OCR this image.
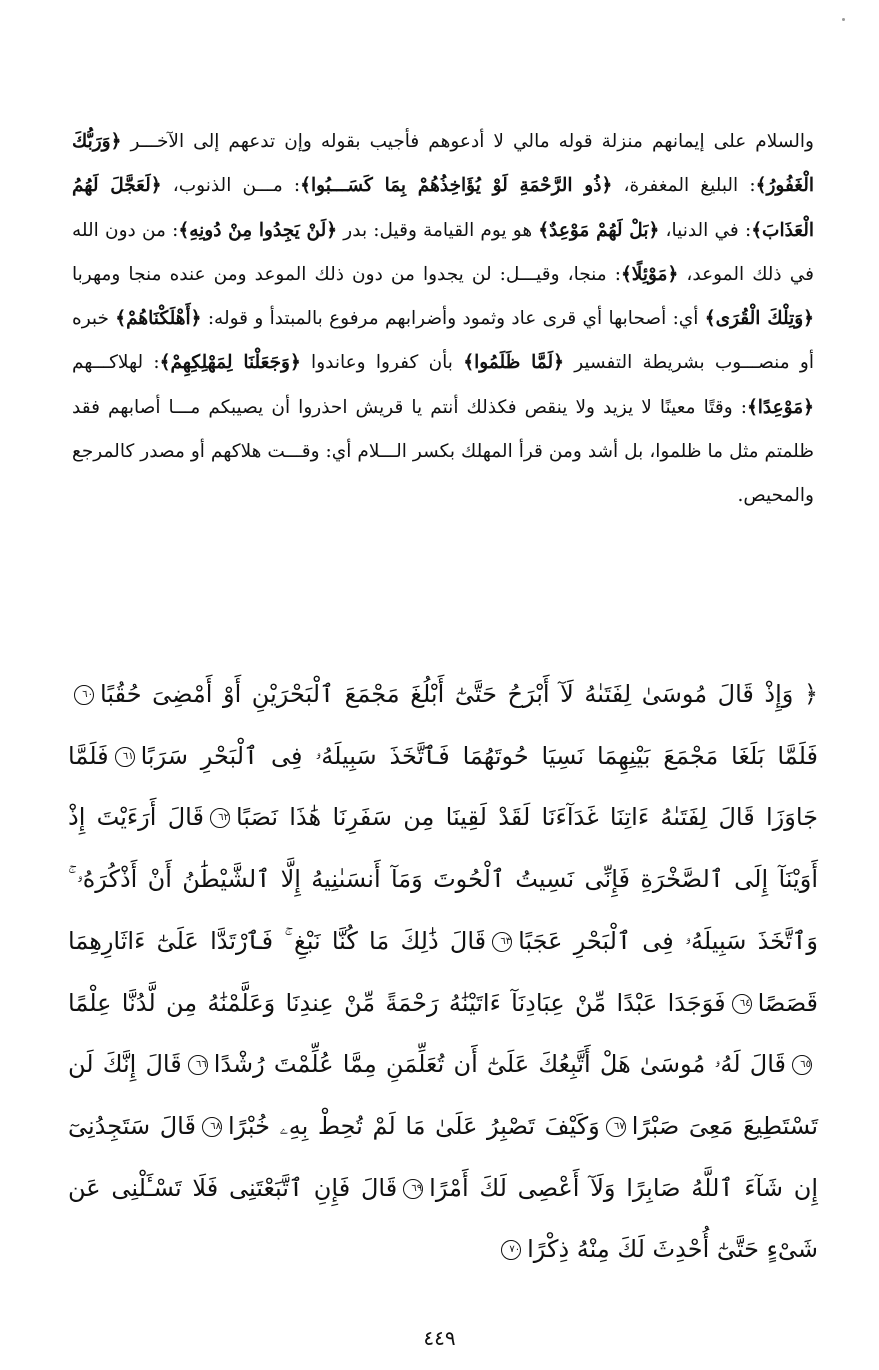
والسلام على إيمانهم منزلة قوله مالي لا أدعوهم فأجيب بقوله وإن تدعهم إلى الآخـــر ﴿وَرَبُّكَ الْغَفُورُ﴾: البليغ المغفرة، ﴿ذُو الرَّحْمَةِ لَوْ يُؤَاخِذُهُمْ بِمَا كَسَـــبُوا﴾: مـــن الذنوب، ﴿لَعَجَّلَ لَهُمُ الْعَذَابَ﴾: في الدنيا، ﴿بَلْ لَهُمْ مَوْعِدٌ﴾ هو يوم القيامة وقيل: بدر ﴿لَنْ يَجِدُوا مِنْ دُونِهِ﴾: من دون الله في ذلك الموعد، ﴿مَوْئِلًا﴾: منجا، وقيـــل: لن يجدوا من دون ذلك الموعد ومن عنده منجا ومهربا ﴿وَتِلْكَ الْقُرَى﴾ أي: أصحابها أي قرى عاد وثمود وأضرابهم مرفوع بالمبتدأ و قوله: ﴿أَهْلَكْنَاهُمْ﴾ خبره أو منصـــوب بشريطة التفسير ﴿لَمَّا ظَلَمُوا﴾ بأن كفروا وعاندوا ﴿وَجَعَلْنَا لِمَهْلِكِهِمْ﴾: لهلاكـــهم ﴿مَوْعِدًا﴾: وقتًا معينًا لا يزيد ولا ينقص فكذلك أنتم يا قريش احذروا أن يصيبكم مـــا أصابهم فقد ظلمتم مثل ما ظلموا، بل أشد ومن قرأ المهلك بكسر الـــلام أي: وقـــت هلاكهم أو مصدر كالمرجع والمحيص.
﴿ وَإِذْ قَالَ مُوسَىٰ لِفَتَىٰهُ لَآ أَبْرَحُ حَتَّىٰٓ أَبْلُغَ مَجْمَعَ ٱلْبَحْرَيْنِ أَوْ أَمْضِىَ حُقُبًا٦٠فَلَمَّا بَلَغَا مَجْمَعَ بَيْنِهِمَا نَسِيَا حُوتَهُمَا فَٱتَّخَذَ سَبِيلَهُۥ فِى ٱلْبَحْرِ سَرَبًا٦١فَلَمَّا جَاوَزَا قَالَ لِفَتَىٰهُ ءَاتِنَا غَدَآءَنَا لَقَدْ لَقِينَا مِن سَفَرِنَا هَٰذَا نَصَبًا٦٢قَالَ أَرَءَيْتَ إِذْ أَوَيْنَآ إِلَى ٱلصَّخْرَةِ فَإِنِّى نَسِيتُ ٱلْحُوتَ وَمَآ أَنسَىٰنِيهُ إِلَّا ٱلشَّيْطَٰنُ أَنْ أَذْكُرَهُۥ ۚ وَٱتَّخَذَ سَبِيلَهُۥ فِى ٱلْبَحْرِ عَجَبًا٦٣قَالَ ذَٰلِكَ مَا كُنَّا نَبْغِ ۚ فَٱرْتَدَّا عَلَىٰٓ ءَاثَارِهِمَا قَصَصًا٦٤فَوَجَدَا عَبْدًا مِّنْ عِبَادِنَآ ءَاتَيْنَٰهُ رَحْمَةً مِّنْ عِندِنَا وَعَلَّمْنَٰهُ مِن لَّدُنَّا عِلْمًا٦٥قَالَ لَهُۥ مُوسَىٰ هَلْ أَتَّبِعُكَ عَلَىٰٓ أَن تُعَلِّمَنِ مِمَّا عُلِّمْتَ رُشْدًا٦٦قَالَ إِنَّكَ لَن تَسْتَطِيعَ مَعِىَ صَبْرًا٦٧وَكَيْفَ تَصْبِرُ عَلَىٰ مَا لَمْ تُحِطْ بِهِۦ خُبْرًا٦٨قَالَ سَتَجِدُنِىٓ إِن شَآءَ ٱللَّهُ صَابِرًا وَلَآ أَعْصِى لَكَ أَمْرًا٦٩قَالَ فَإِنِ ٱتَّبَعْتَنِى فَلَا تَسْـَٔلْنِى عَن شَىْءٍ حَتَّىٰٓ أُحْدِثَ لَكَ مِنْهُ ذِكْرًا٧٠
٤٤٩
